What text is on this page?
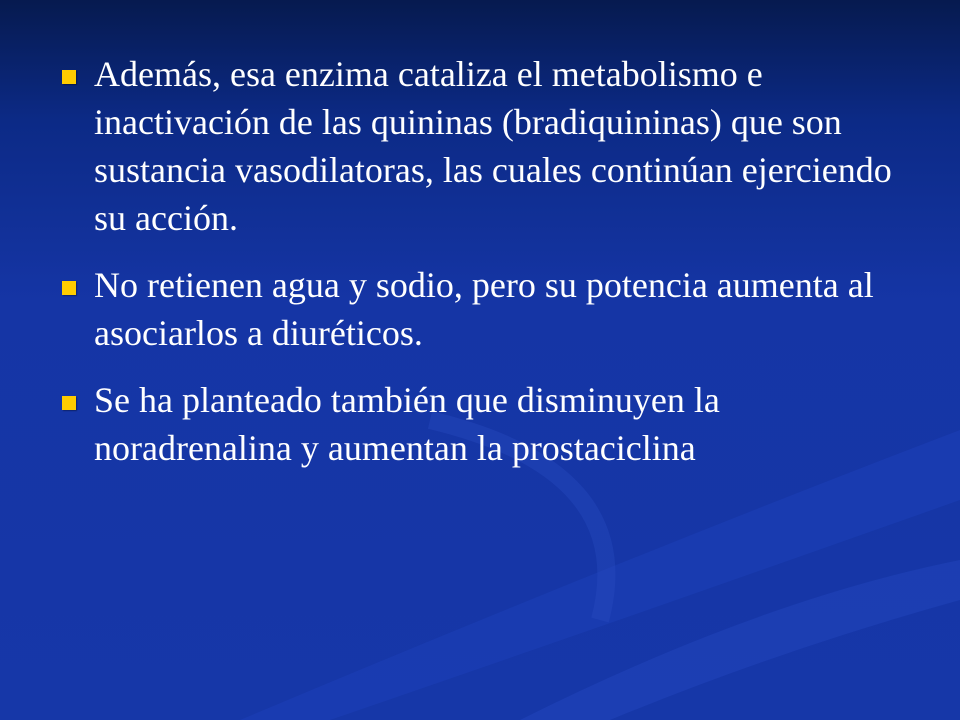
Además, esa enzima cataliza el metabolismo e inactivación de las quininas (bradiquininas) que son sustancia vasodilatoras, las cuales continúan ejerciendo su acción.
No retienen agua y sodio, pero su potencia aumenta al asociarlos a diuréticos.
Se ha planteado también que disminuyen la noradrenalina y aumentan la prostaciclina
